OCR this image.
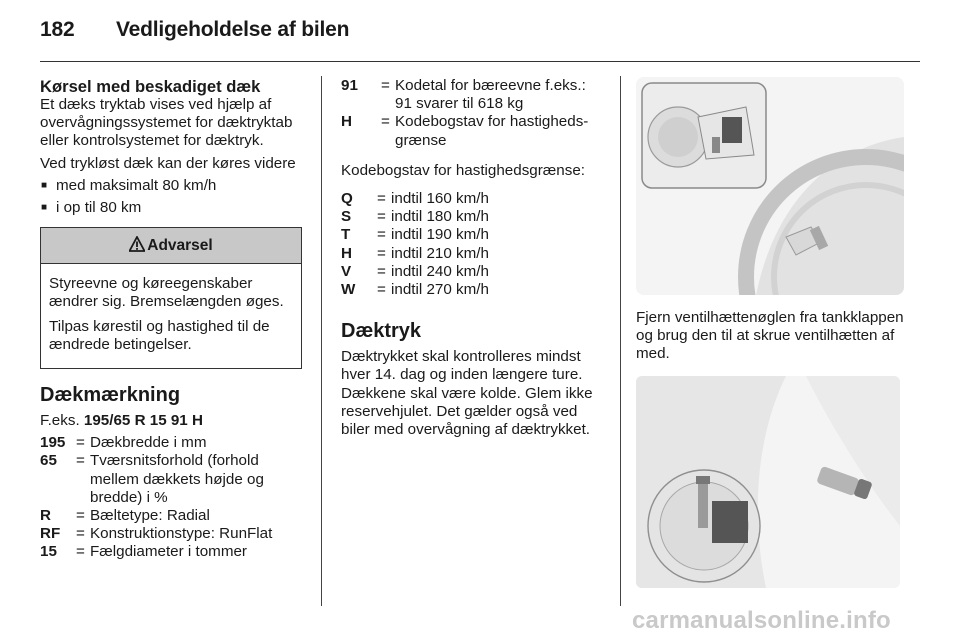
182 Vedligeholdelse af bilen
Kørsel med beskadiget dæk

Et dæks tryktab vises ved hjælp af overvågningssystemet for dæktryktab eller kontrolsystemet for dæktryk.

Ved trykløst dæk kan der køres videre

■ med maksimalt 80 km/h
■ i op til 80 km
Advarsel

Styreevne og køreegenskaber ændrer sig. Bremselængden øges.

Tilpas kørestil og hastighed til de ændrede betingelser.

Dækmærkning

F.eks. 195/65 R 15 91 H

195 = Dækbredde i mm
65	= Tværsnitsforhold (forhold mellem dækkets højde og bredde) i %
R	= Bæltetype: Radial
RF	= Konstruktionstype: RunFlat
15	= Fælgdiameter i tommer
91	= Kodetal for bæreevne f.eks.: 91 svarer til 618 kg
H	= Kodebogstav for hastighedsgrænse

Kodebogstav for hastighedsgrænse:

Q	= indtil 160 km/h
S	= indtil 180 km/h
T	= indtil 190 km/h
H	= indtil 210 km/h
V	= indtil 240 km/h
W	= indtil 270 km/h
Dæktryk

Dæktrykket skal kontrolleres mindst hver 14. dag og inden længere ture. Dækkene skal være kolde. Glem ikke reservehjulet. Det gælder også ved biler med overvågning af dæktrykket.

Fjern ventilhættenøglen fra tankklappen og brug den til at skrue ventilhætten af med.

carmanualsonline.info
